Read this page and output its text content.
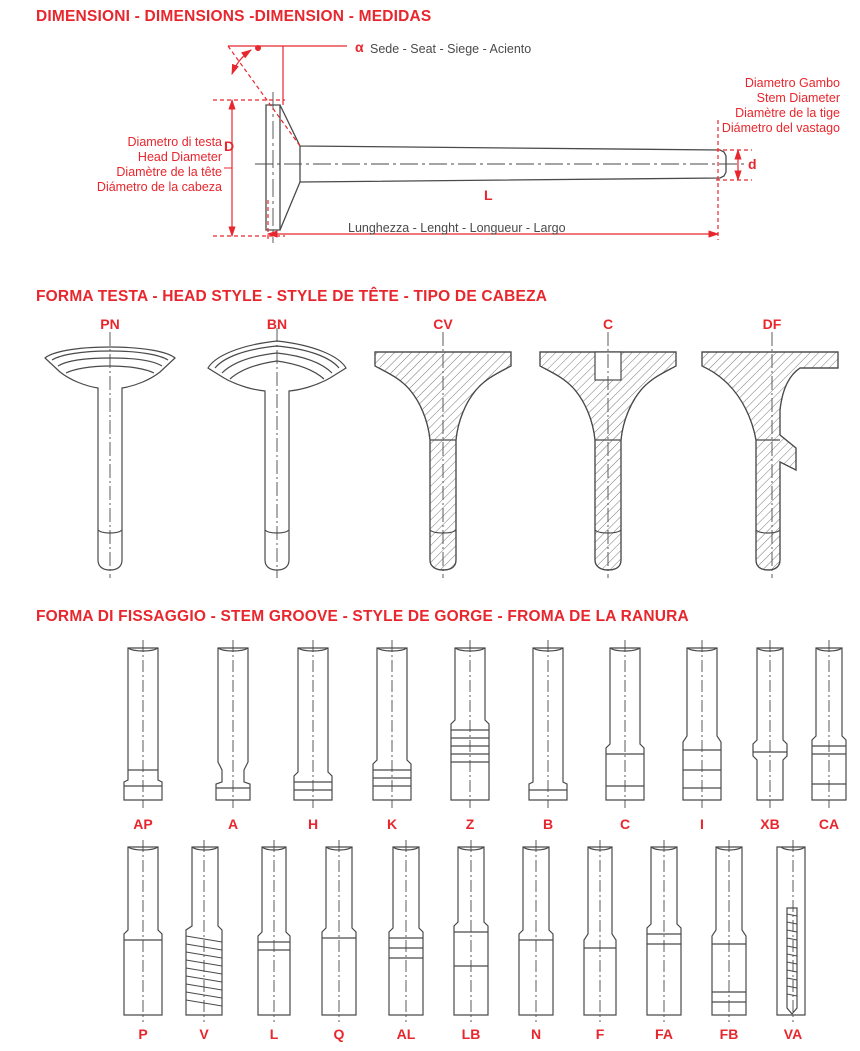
DIMENSIONI - DIMENSIONS -DIMENSION - MEDIDAS
FORMA TESTA - HEAD STYLE - STYLE DE TÊTE - TIPO DE CABEZA
FORMA DI FISSAGGIO - STEM GROOVE - STYLE DE GORGE - FROMA DE LA RANURA
α Sede - Seat - Siege - Aciento
Diametro Gambo
Stem Diameter
Diamètre de la tige
Diámetro del vastago
Diametro di testa
Head Diameter
Diamètre de la tête
Diámetro de la cabeza
D
d
L
Lunghezza - Lenght - Longueur - Largo
PN	BN	CV	C	DF
AP	A	H	K	Z	B	C	I	XB	CA
P	V	L	Q	AL	LB	N	F	FA	FB	VA
